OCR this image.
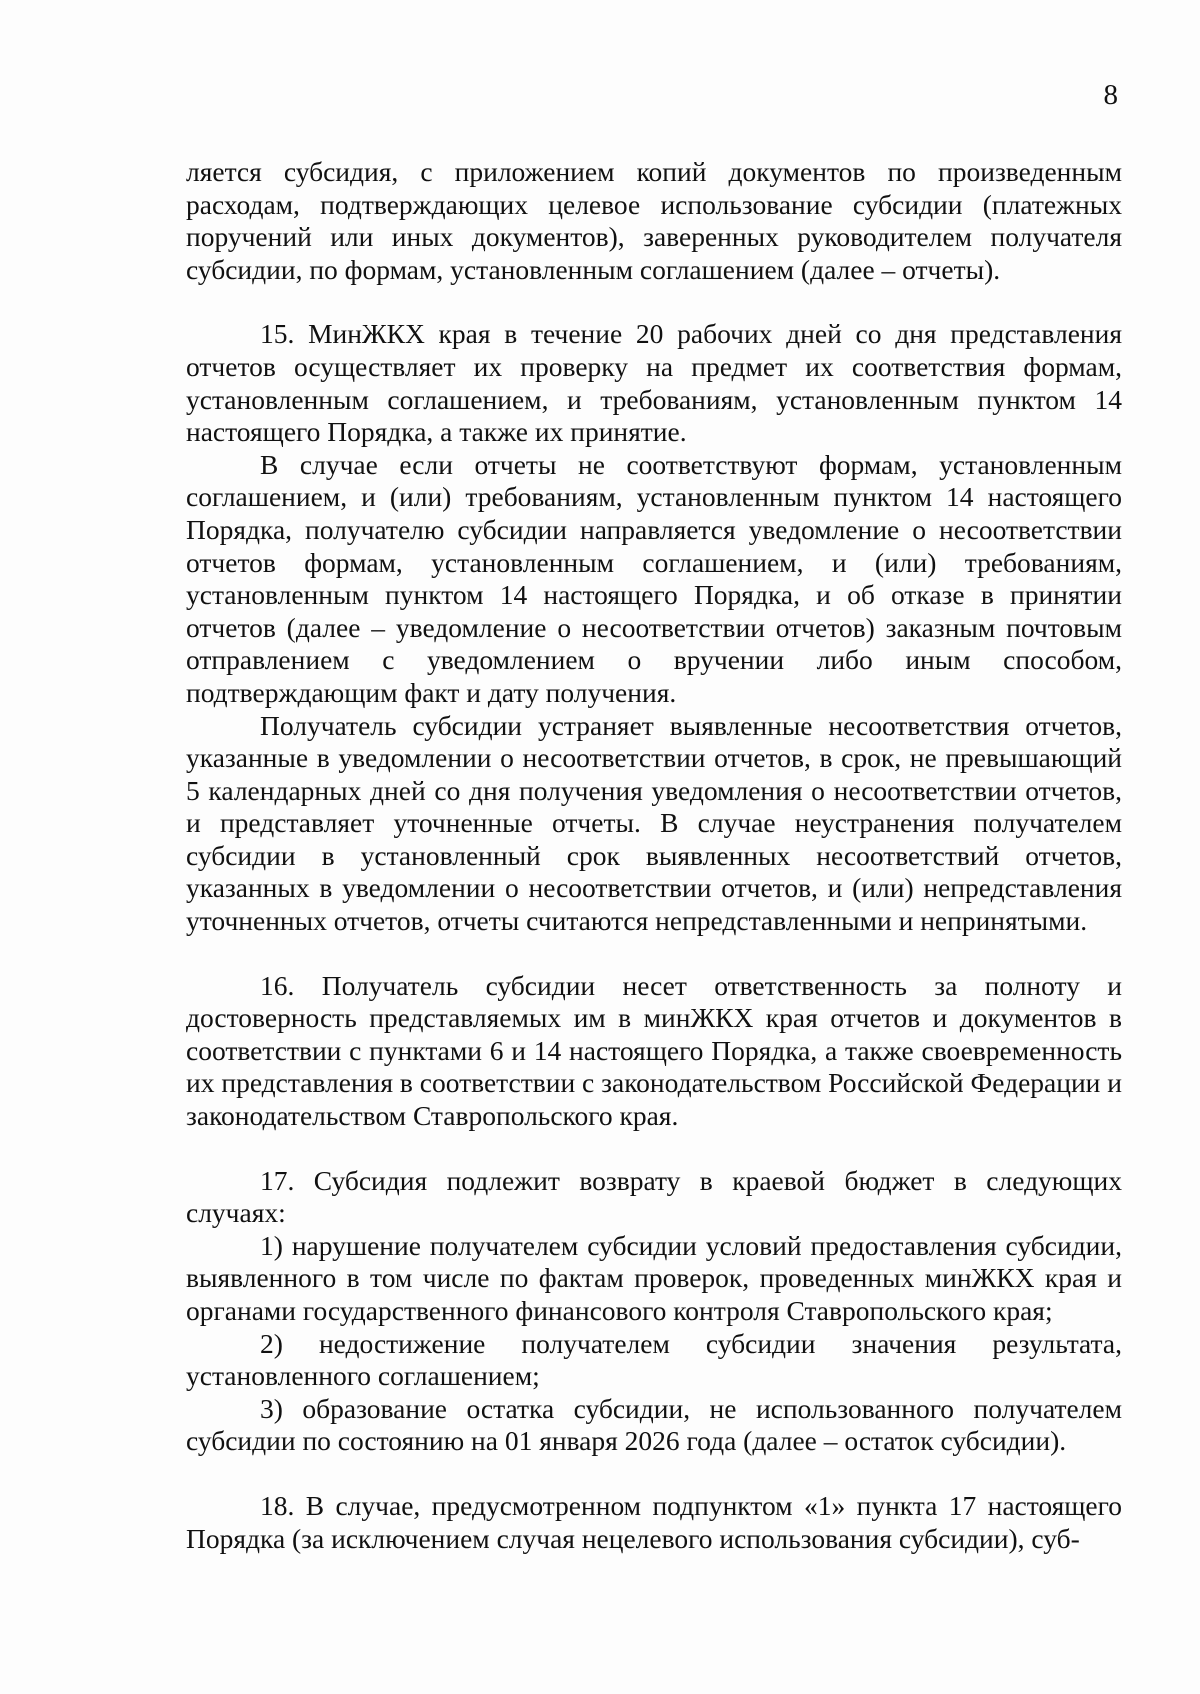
8

ляется субсидия, с приложением копий документов по произведенным расходам, подтверждающих целевое использование субсидии (платежных поручений или иных документов), заверенных руководителем получателя субсидии, по формам, установленным соглашением (далее – отчеты).

15. МинЖКХ края в течение 20 рабочих дней со дня представления отчетов осуществляет их проверку на предмет их соответствия формам, установленным соглашением, и требованиям, установленным пунктом 14 настоящего Порядка, а также их принятие.

В случае если отчеты не соответствуют формам, установленным соглашением, и (или) требованиям, установленным пунктом 14 настоящего Порядка, получателю субсидии направляется уведомление о несоответствии отчетов формам, установленным соглашением, и (или) требованиям, установленным пунктом 14 настоящего Порядка, и об отказе в принятии отчетов (далее – уведомление о несоответствии отчетов) заказным почтовым отправлением с уведомлением о вручении либо иным способом, подтверждающим факт и дату получения.

Получатель субсидии устраняет выявленные несоответствия отчетов, указанные в уведомлении о несоответствии отчетов, в срок, не превышающий 5 календарных дней со дня получения уведомления о несоответствии отчетов, и представляет уточненные отчеты. В случае неустранения получателем субсидии в установленный срок выявленных несоответствий отчетов, указанных в уведомлении о несоответствии отчетов, и (или) непредставления уточненных отчетов, отчеты считаются непредставленными и непринятыми.

16. Получатель субсидии несет ответственность за полноту и достоверность представляемых им в минЖКХ края отчетов и документов в соответствии с пунктами 6 и 14 настоящего Порядка, а также своевременность их представления в соответствии с законодательством Российской Федерации и законодательством Ставропольского края.

17. Субсидия подлежит возврату в краевой бюджет в следующих случаях:

1) нарушение получателем субсидии условий предоставления субсидии, выявленного в том числе по фактам проверок, проведенных минЖКХ края и органами государственного финансового контроля Ставропольского края;

2) недостижение получателем субсидии значения результата, установленного соглашением;

3) образование остатка субсидии, не использованного получателем субсидии по состоянию на 01 января 2026 года (далее – остаток субсидии).

18. В случае, предусмотренном подпунктом «1» пункта 17 настоящего Порядка (за исключением случая нецелевого использования субсидии), суб-
